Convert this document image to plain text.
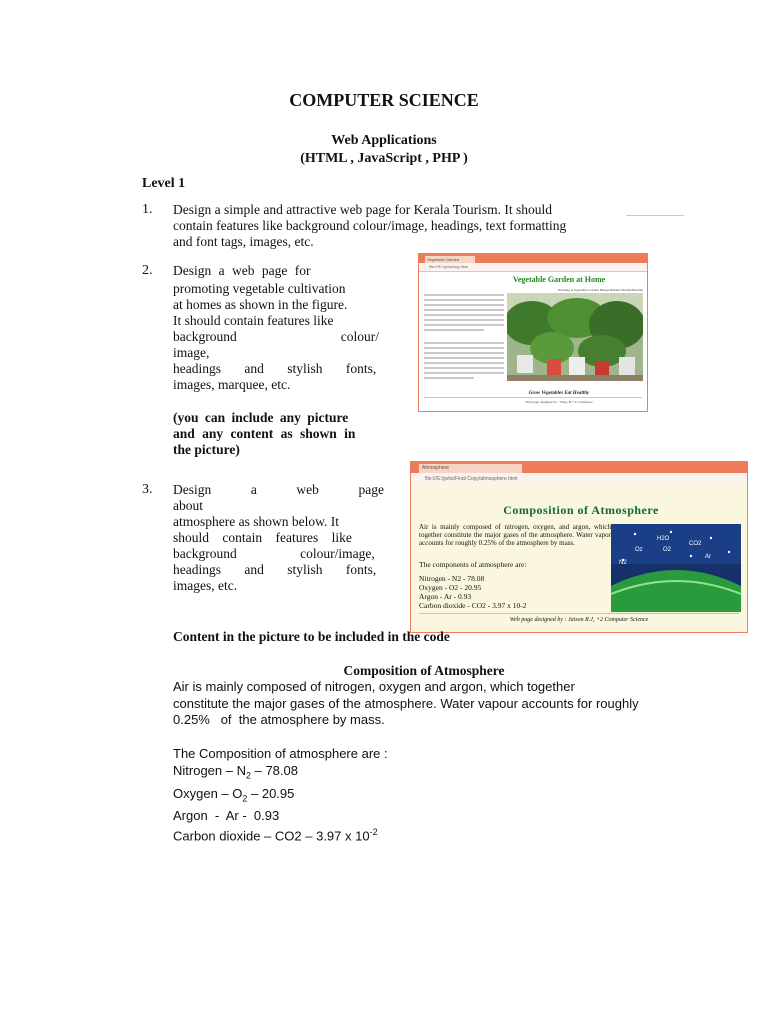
COMPUTER SCIENCE
Web Applications
(HTML , JavaScript , PHP )
Level 1
1. Design a simple and attractive web page for Kerala Tourism. It should
contain features like background colour/image, headings, text formatting
and font tags, images, etc.
2. Design a web page for
promoting vegetable cultivation
at homes as shown in the figure.
It should contain features like
background colour/ image,
headings and stylish fonts,
images, marquee, etc.
(you can include any picture
and any content as shown in
the picture)
Vegetable Garden
file:///E:/gvhs/veg.html
Vegetable Garden at Home
Planting A Vegetable Garden Brings Hidden Health Benefits
Grow Vegetables Eat Healthy
Web page designed by : Vinay B, +2 Commerce
3. Design a web page about
atmosphere as shown below. It
should contain features like
background colour/image,
headings and stylish fonts,
images, etc.
Atmosphere
file:///E:/gvhs/Final Copy/atmosphere.html
Composition of Atmosphere
Air is mainly composed of nitrogen, oxygen, and argon, which together constitute the major gases of the atmosphere. Water vapor accounts for roughly 0.25% of the atmosphere by mass.
The components of atmosphere are:
Nitrogen - N2 - 78.08
Oxygen - O2 - 20.95
Argon - Ar - 0.93
Carbon dioxide - CO2 - 3.97 x 10-2
H2O
CO2
Oz	O2
N2
Ar
Web page designed by : Jaison R.J, +2 Computer Science
Content in the picture to be included in the code
Composition of Atmosphere
Air is mainly composed of nitrogen, oxygen and argon, which together
constitute the major gases of the atmosphere. Water vapour accounts for roughly
0.25%   of  the atmosphere by mass.
The Composition of atmosphere are :
Nitrogen – $N_2 - 78.08$
Oxygen – $O_2 - 20.95$
Argon  -  Ar -  0.93
Carbon dioxide – CO2 – 3.97 x $10^{-2}$
